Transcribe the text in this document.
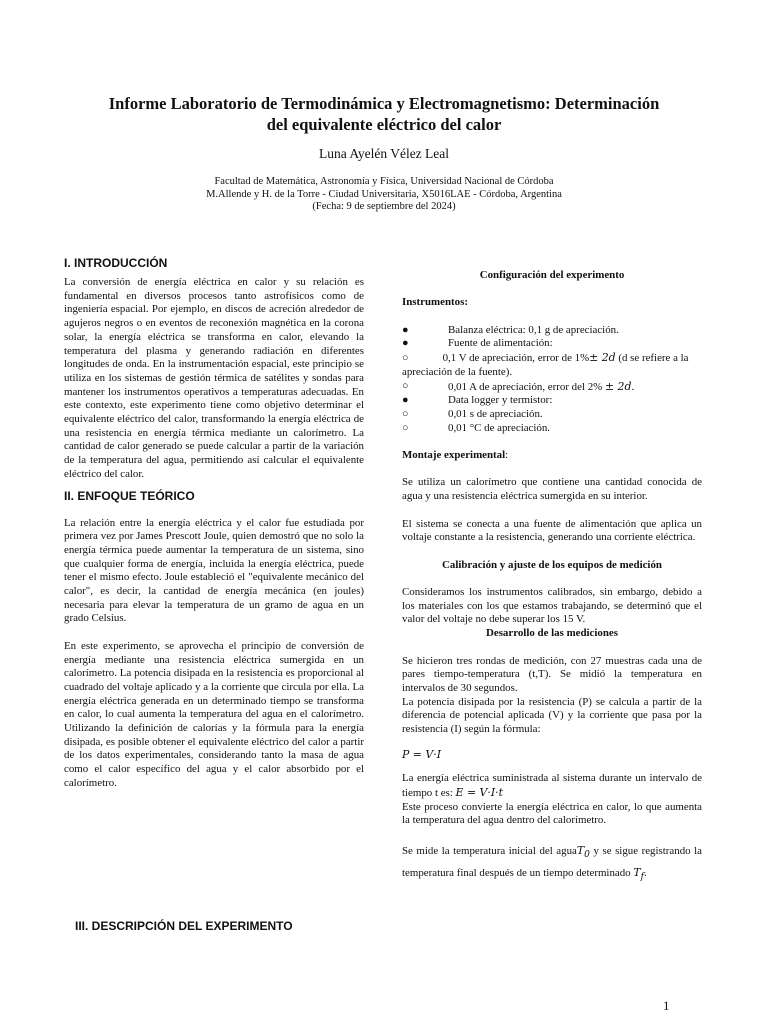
Informe Laboratorio de Termodinámica y Electromagnetismo: Determinación
del equivalente eléctrico del calor
Luna Ayelén Vélez Leal
Facultad de Matemática, Astronomía y Física, Universidad Nacional de Córdoba
M.Allende y H. de la Torre - Ciudad Universitaria, X5016LAE - Córdoba, Argentina
(Fecha: 9 de septiembre del 2024)
I. INTRODUCCIÓN

La conversión de energía eléctrica en calor y su relación es fundamental en diversos procesos tanto astrofísicos como de ingeniería espacial. Por ejemplo, en discos de acreción alrededor de agujeros negros o en eventos de reconexión magnética en la corona solar, la energía eléctrica se transforma en calor, elevando la temperatura del plasma y generando radiación en diferentes longitudes de onda. En la instrumentación espacial, este principio se utiliza en los sistemas de gestión térmica de satélites y sondas para mantener los instrumentos operativos a temperaturas adecuadas. En este contexto, este experimento tiene como objetivo determinar el equivalente eléctrico del calor, transformando la energía eléctrica de una resistencia en energía térmica mediante un calorímetro. La cantidad de calor generado se puede calcular a partir de la variación de la temperatura del agua, permitiendo así calcular el equivalente eléctrico del calor.

II. ENFOQUE TEÓRICO

La relación entre la energía eléctrica y el calor fue estudiada por primera vez por James Prescott Joule, quien demostró que no solo la energía térmica puede aumentar la temperatura de un sistema, sino que cualquier forma de energía, incluida la energía eléctrica, puede tener el mismo efecto. Joule estableció el "equivalente mecánico del calor", es decir, la cantidad de energía mecánica (en joules) necesaria para elevar la temperatura de un gramo de agua en un grado Celsius.

En este experimento, se aprovecha el principio de conversión de energía mediante una resistencia eléctrica sumergida en un calorímetro. La potencia disipada en la resistencia es proporcional al cuadrado del voltaje aplicado y a la corriente que circula por ella. La energía eléctrica generada en un determinado tiempo se transforma en calor, lo cual aumenta la temperatura del agua en el calorímetro. Utilizando la definición de calorías y la fórmula para la energía disipada, es posible obtener el equivalente eléctrico del calor a partir de los datos experimentales, considerando tanto la masa de agua como el calor específico del agua y el calor absorbido por el calorímetro.

III. DESCRIPCIÓN DEL EXPERIMENTO

Configuración del experimento

Instrumentos:

●	Balanza eléctrica: 0,1 g de apreciación.
●	Fuente de alimentación:
○	0,1 V de apreciación, error de 1%± 2d (d se refiere a la apreciación de la fuente).
○	0,01 A de apreciación, error del 2% ± 2d.
●	Data logger y termistor:
○	0,01 s de apreciación.
○	0,01 °C de apreciación.

Montaje experimental:

Se utiliza un calorímetro que contiene una cantidad conocida de agua y una resistencia eléctrica sumergida en su interior.

El sistema se conecta a una fuente de alimentación que aplica un voltaje constante a la resistencia, generando una corriente eléctrica.

Calibración y ajuste de los equipos de medición

Consideramos los instrumentos calibrados, sin embargo, debido a los materiales con los que estamos trabajando, se determinó que el valor del voltaje no debe superar los 15 V.

Desarrollo de las mediciones

Se hicieron tres rondas de medición, con 27 muestras cada una de pares tiempo-temperatura (t,T). Se midió la temperatura en intervalos de 30 segundos.

La potencia disipada por la resistencia (P) se calcula a partir de la diferencia de potencial aplicada (V) y la corriente que pasa por la resistencia (I) según la fórmula:

P = V·I

La energía eléctrica suministrada al sistema durante un intervalo de tiempo t es: E = V·I·t

Este proceso convierte la energía eléctrica en calor, lo que aumenta la temperatura del agua dentro del calorímetro.

Se mide la temperatura inicial del aguaT$_0$ y se sigue registrando la temperatura final después de un tiempo determinado $T_f$.

1
